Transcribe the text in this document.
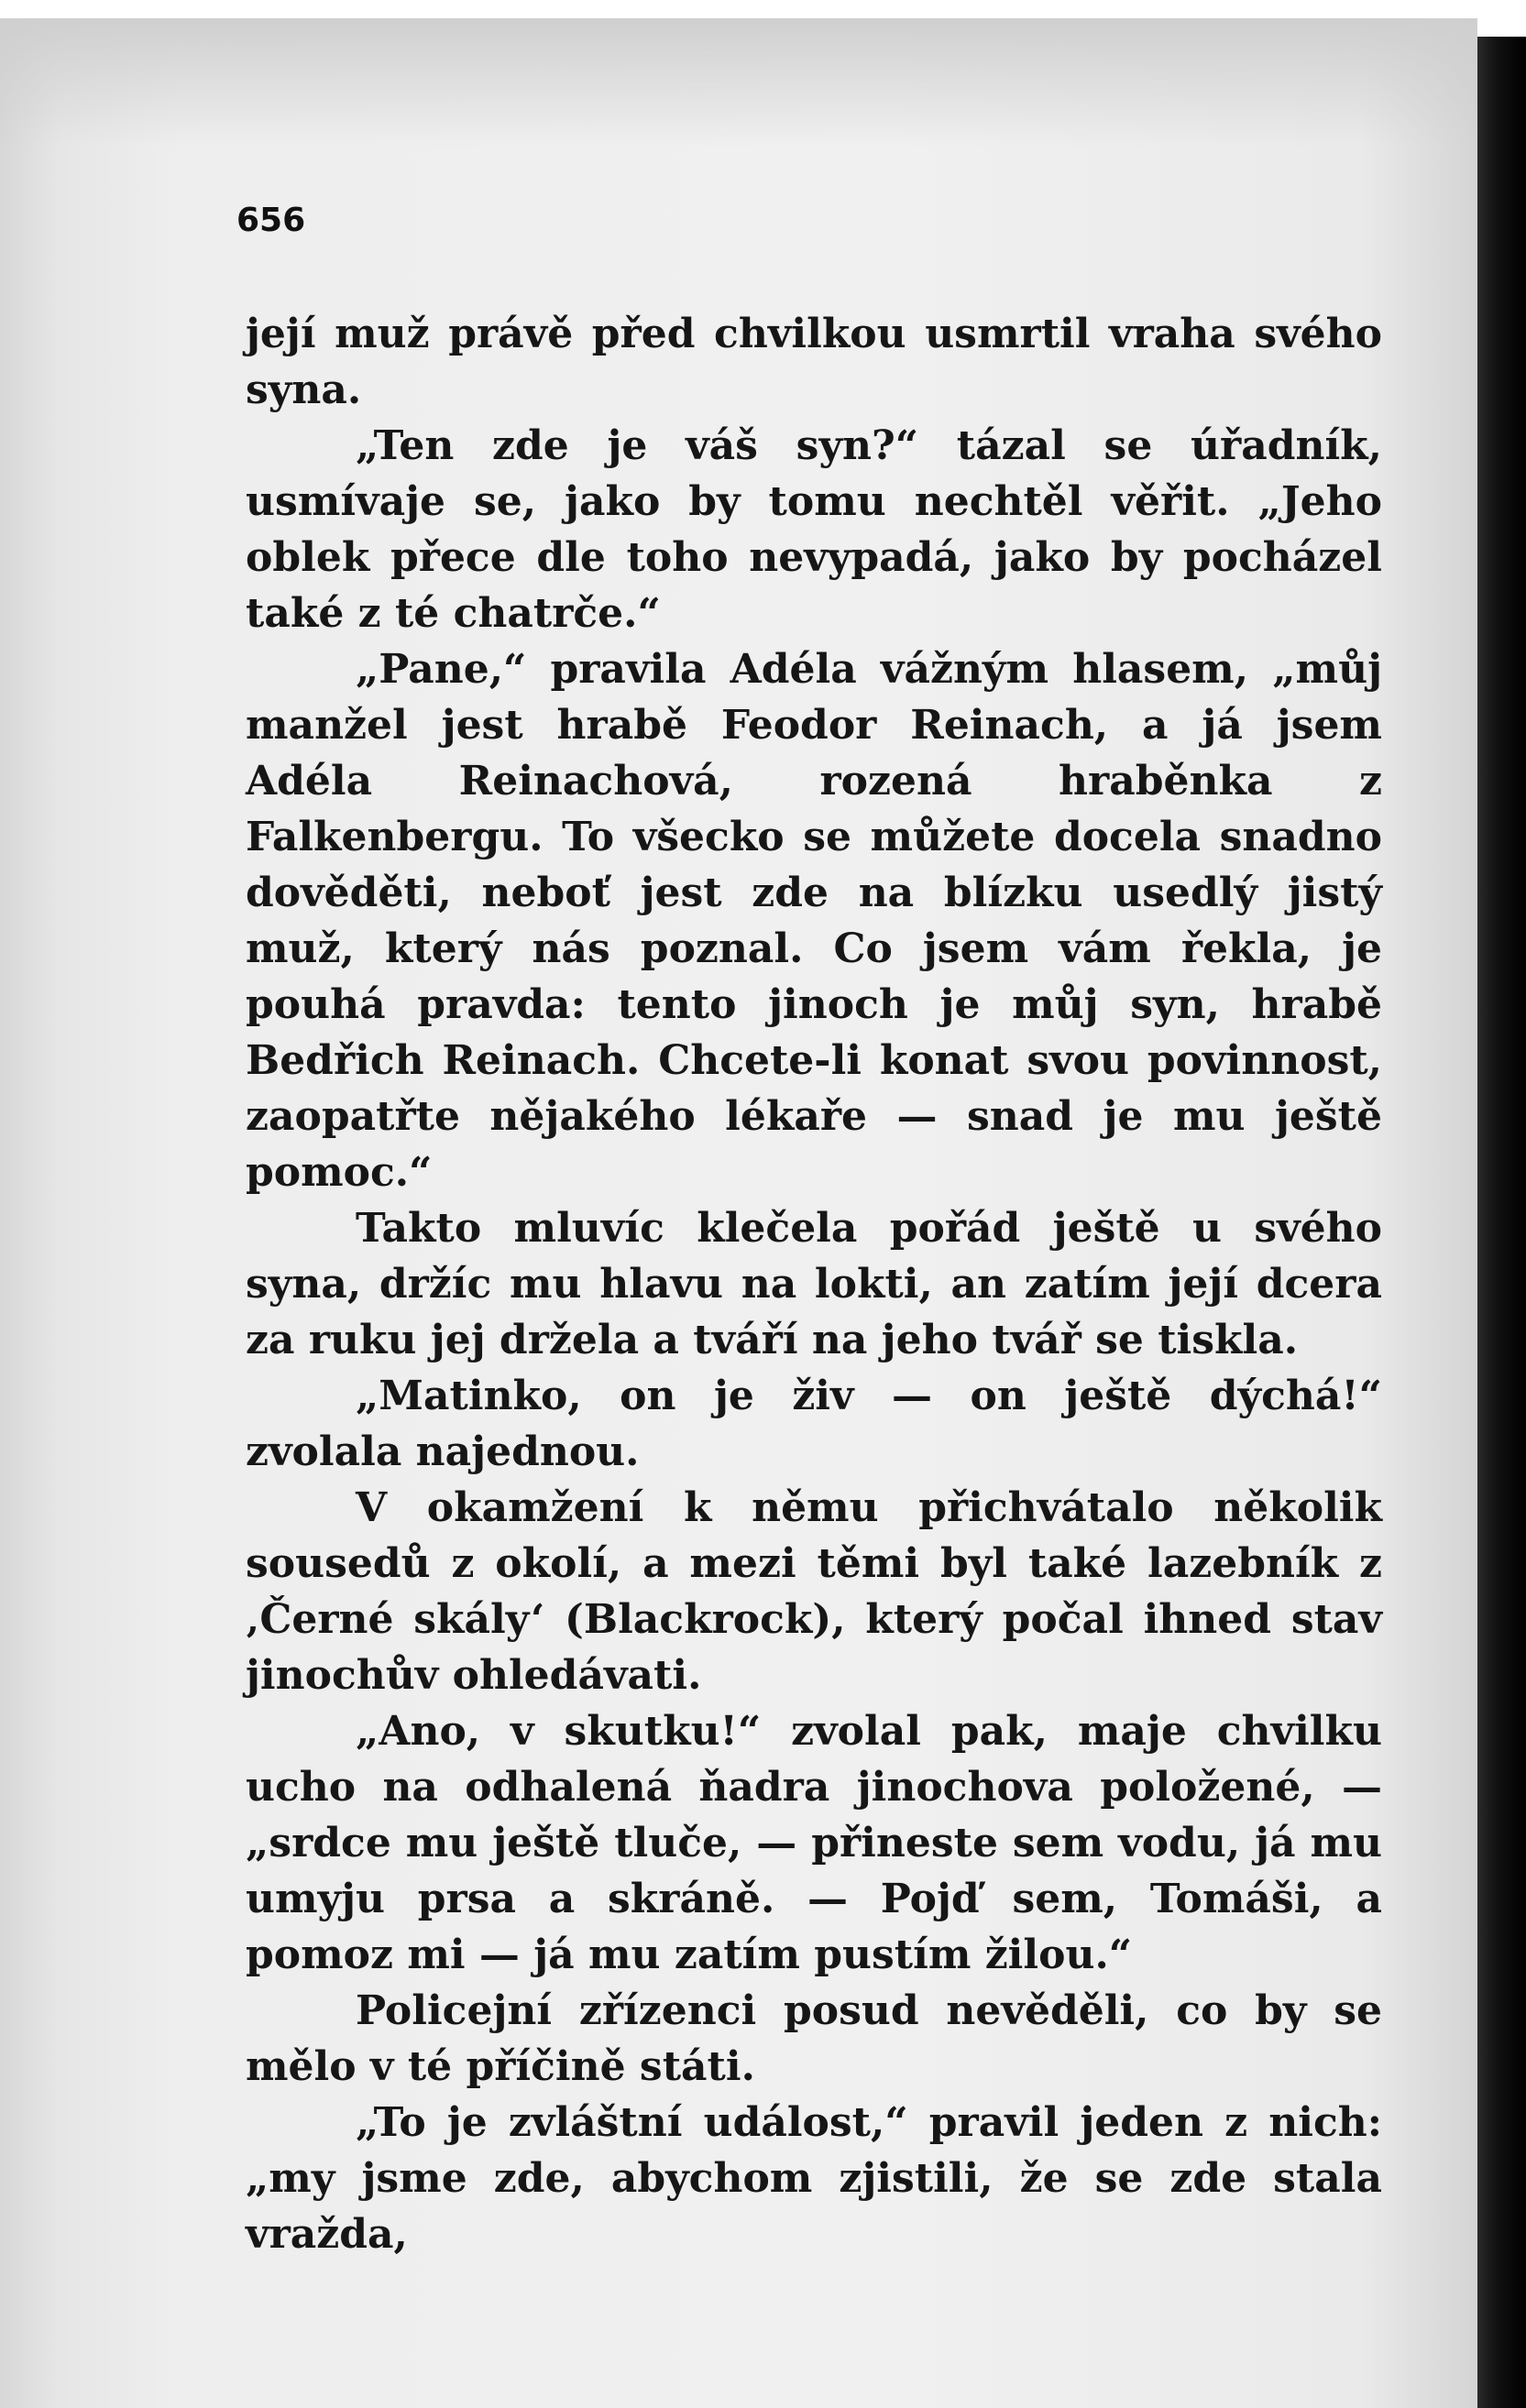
656

její muž právě před chvilkou usmrtil vraha svého syna.

„Ten zde je váš syn?“ tázal se úřadník, usmívaje se, jako by tomu nechtěl věřit. „Jeho oblek přece dle toho nevypadá, jako by pocházel také z té chatrče.“

„Pane,“ pravila Adéla vážným hlasem, „můj manžel jest hrabě Feodor Reinach, a já jsem Adéla Reinachová, rozená hraběnka z Falkenbergu. To všecko se můžete docela snadno dověděti, neboť jest zde na blízku usedlý jistý muž, který nás poznal. Co jsem vám řekla, je pouhá pravda: tento jinoch je můj syn, hrabě Bedřich Reinach. Chcete-li konat svou povinnost, zaopatřte nějakého lékaře — snad je mu ještě pomoc.“

Takto mluvíc klečela pořád ještě u svého syna, držíc mu hlavu na lokti, an zatím její dcera za ruku jej držela a tváří na jeho tvář se tiskla.

„Matinko, on je živ — on ještě dýchá!“ zvolala najednou.

V okamžení k němu přichvátalo několik sousedů z okolí, a mezi těmi byl také lazebník z ‚Černé skály‘ (Blackrock), který počal ihned stav jinochův ohledávati.

„Ano, v skutku!“ zvolal pak, maje chvilku ucho na odhalená ňadra jinochova položené, — „srdce mu ještě tluče, — přineste sem vodu, já mu umyju prsa a skráně. — Pojď sem, Tomáši, a pomoz mi — já mu zatím pustím žilou.“

Policejní zřízenci posud nevěděli, co by se mělo v té příčině státi.

„To je zvláštní událost,“ pravil jeden z nich: „my jsme zde, abychom zjistili, že se zde stala vražda,
